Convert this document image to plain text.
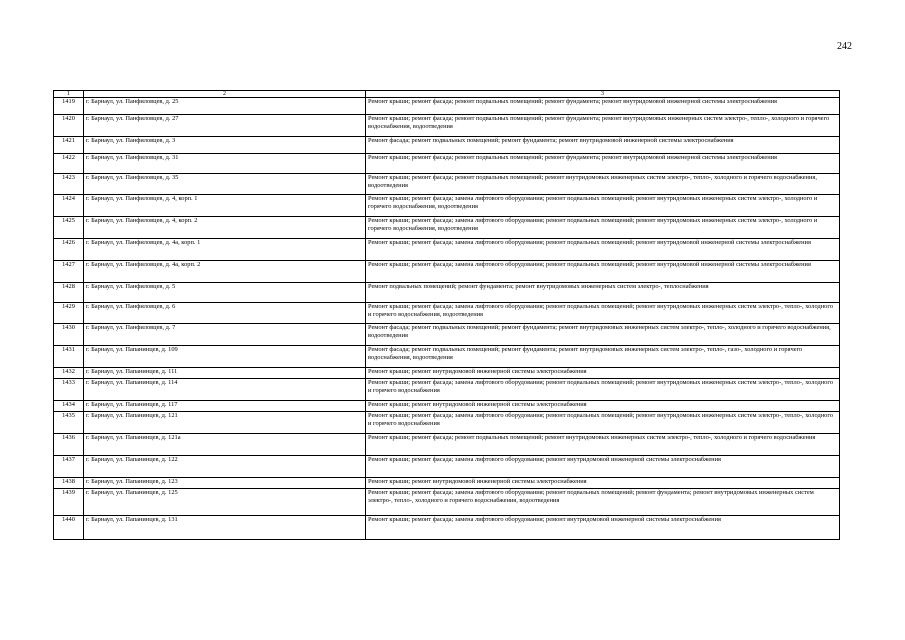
242
1	2	3
1419	г. Барнаул, ул. Панфиловцев, д. 25	Ремонт крыши; ремонт фасада; ремонт подвальных помещений; ремонт фундамента; ремонт внутридомовой инженерной системы электроснабжения
1420	г. Барнаул, ул. Панфиловцев, д. 27	Ремонт крыши; ремонт фасада; ремонт подвальных помещений; ремонт фундамента; ремонт внутридомовых инженерных систем электро-, тепло-, холодного и горячего водоснабжения, водоотведения
1421	г. Барнаул, ул. Панфиловцев, д. 3	Ремонт фасада; ремонт подвальных помещений; ремонт фундамента; ремонт внутридомовой инженерной системы электроснабжения
1422	г. Барнаул, ул. Панфиловцев, д. 31	Ремонт крыши; ремонт фасада; ремонт подвальных помещений; ремонт фундамента; ремонт внутридомовой инженерной системы электроснабжения
1423	г. Барнаул, ул. Панфиловцев, д. 35	Ремонт крыши; ремонт фасада; ремонт подвальных помещений; ремонт внутридомовых инженерных систем электро-, тепло-, холодного и горячего водоснабжения, водоотведения
1424	г. Барнаул, ул. Панфиловцев, д. 4, корп. 1	Ремонт крыши; ремонт фасада; замена лифтового оборудования; ремонт подвальных помещений; ремонт внутридомовых инженерных систем электро-, холодного и горячего водоснабжения, водоотведения
1425	г. Барнаул, ул. Панфиловцев, д. 4, корп. 2	Ремонт крыши; ремонт фасада; замена лифтового оборудования; ремонт подвальных помещений; ремонт внутридомовых инженерных систем электро-, холодного и горячего водоснабжения, водоотведения
1426	г. Барнаул, ул. Панфиловцев, д. 4а, корп. 1	Ремонт крыши; ремонт фасада; замена лифтового оборудования; ремонт подвальных помещений; ремонт внутридомовой инженерной системы электроснабжения
1427	г. Барнаул, ул. Панфиловцев, д. 4а, корп. 2	Ремонт крыши; ремонт фасада; замена лифтового оборудования; ремонт подвальных помещений; ремонт внутридомовой инженерной системы электроснабжения
1428	г. Барнаул, ул. Панфиловцев, д. 5	Ремонт подвальных помещений; ремонт фундамента; ремонт внутридомовых инженерных систем электро-, теплоснабжения
1429	г. Барнаул, ул. Панфиловцев, д. 6	Ремонт крыши; ремонт фасада; замена лифтового оборудования; ремонт подвальных помещений; ремонт внутридомовых инженерных систем электро-, тепло-, холодного и горячего водоснабжения, водоотведения
1430	г. Барнаул, ул. Панфиловцев, д. 7	Ремонт фасада; ремонт подвальных помещений; ремонт фундамента; ремонт внутридомовых инженерных систем электро-, тепло-, холодного и горячего водоснабжения, водоотведения
1431	г. Барнаул, ул. Папанинцев, д. 109	Ремонт фасада; ремонт подвальных помещений; ремонт фундамента; ремонт внутридомовых инженерных систем электро-, тепло-, газо-, холодного и горячего водоснабжения, водоотведения
1432	г. Барнаул, ул. Папанинцев, д. 111	Ремонт крыши; ремонт внутридомовой инженерной системы электроснабжения
1433	г. Барнаул, ул. Папанинцев, д. 114	Ремонт крыши; ремонт фасада; замена лифтового оборудования; ремонт подвальных помещений; ремонт внутридомовых инженерных систем электро-, тепло-, холодного и горячего водоснабжения
1434	г. Барнаул, ул. Папанинцев, д. 117	Ремонт крыши; ремонт внутридомовой инженерной системы электроснабжения
1435	г. Барнаул, ул. Папанинцев, д. 121	Ремонт крыши; ремонт фасада; замена лифтового оборудования; ремонт подвальных помещений; ремонт внутридомовых инженерных систем электро-, тепло-, холодного и горячего водоснабжения
1436	г. Барнаул, ул. Папанинцев, д. 121а	Ремонт крыши; ремонт фасада; ремонт подвальных помещений; ремонт внутридомовых инженерных систем электро-, тепло-, холодного и горячего водоснабжения
1437	г. Барнаул, ул. Папанинцев, д. 122	Ремонт крыши; ремонт фасада; замена лифтового оборудования; ремонт внутридомовой инженерной системы электроснабжения
1438	г. Барнаул, ул. Папанинцев, д. 123	Ремонт крыши; ремонт внутридомовой инженерной системы электроснабжения
1439	г. Барнаул, ул. Папанинцев, д. 125	Ремонт крыши; ремонт фасада; замена лифтового оборудования; ремонт подвальных помещений; ремонт фундамента; ремонт внутридомовых инженерных систем электро-, тепло-, холодного и горячего водоснабжения, водоотведения
1440	г. Барнаул, ул. Папанинцев, д. 131	Ремонт крыши; ремонт фасада; замена лифтового оборудования; ремонт внутридомовой инженерной системы электроснабжения
